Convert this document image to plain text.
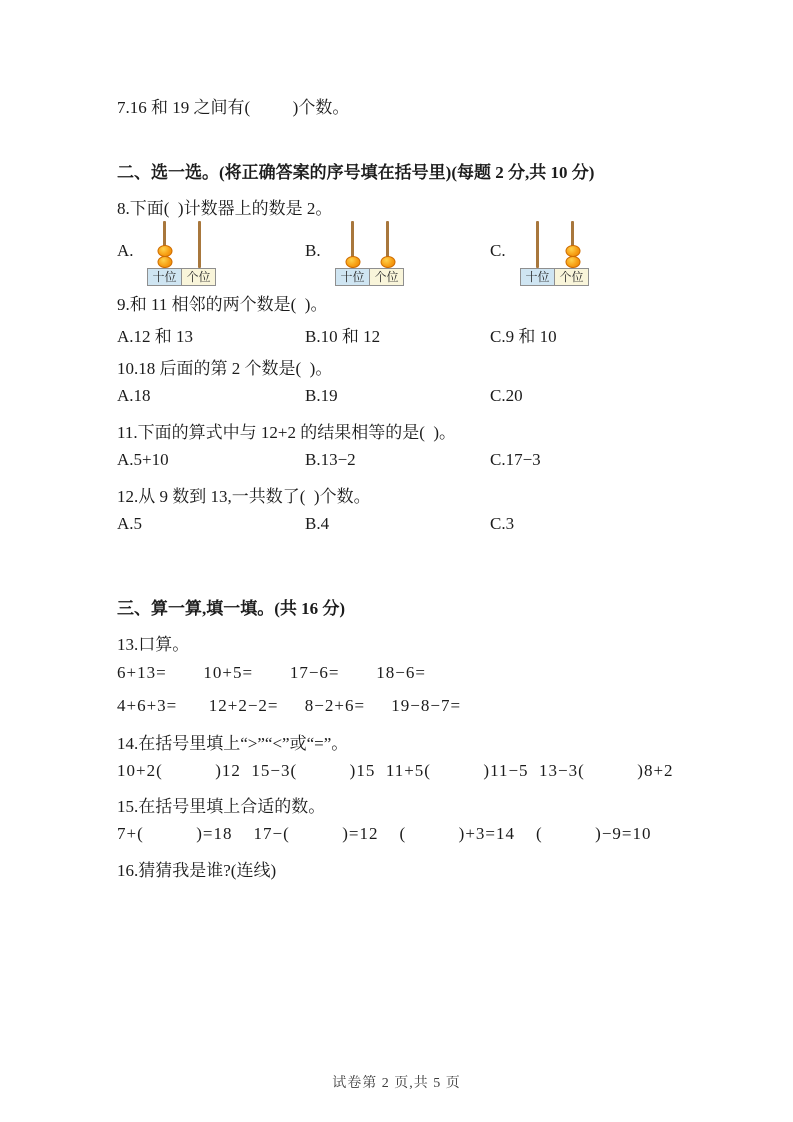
7.16 和 19 之间有(          )个数。
二、选一选。(将正确答案的序号填在括号里)(每题 2 分,共 10 分)
8.下面(  )计数器上的数是 2。
A.
十位 个位
B.
十位 个位
C.
十位 个位
9.和 11 相邻的两个数是(  )。
A.12 和 13	B.10 和 12	C.9 和 10
10.18 后面的第 2 个数是(  )。
A.18	B.19	C.20
11.下面的算式中与 12+2 的结果相等的是(  )。
A.5+10	B.13−2	C.17−3
12.从 9 数到 13,一共数了(  )个数。
A.5	B.4	C.3
三、算一算,填一填。(共 16 分)
13.口算。
6+13=       10+5=       17−6=       18−6=
4+6+3=      12+2−2=     8−2+6=     19−8−7=
14.在括号里填上“>”“<”或“=”。
10+2(          )12  15−3(          )15  11+5(          )11−5  13−3(          )8+2
15.在括号里填上合适的数。
7+(          )=18    17−(          )=12    (          )+3=14    (          )−9=10
16.猜猜我是谁?(连线)
试卷第 2 页,共 5 页
